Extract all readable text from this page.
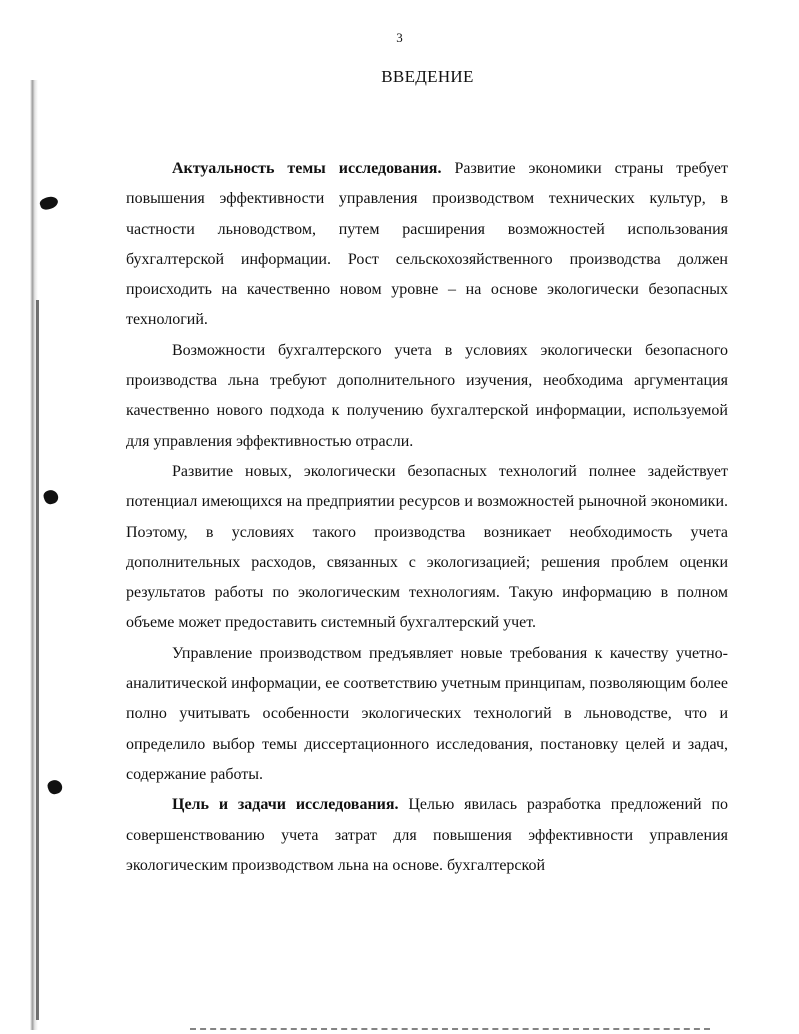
3
ВВЕДЕНИЕ

Актуальность темы исследования. Развитие экономики страны требует повышения эффективности управления производством технических культур, в частности льноводством, путем расширения возможностей использования бухгалтерской информации. Рост сельскохозяйственного производства должен происходить на качественно новом уровне – на основе экологически безопасных технологий.

Возможности бухгалтерского учета в условиях экологически безопасного производства льна требуют дополнительного изучения, необходима аргументация качественно нового подхода к получению бухгалтерской информации, используемой для управления эффективностью отрасли.

Развитие новых, экологически безопасных технологий полнее задействует потенциал имеющихся на предприятии ресурсов и возможностей рыночной экономики. Поэтому, в условиях такого производства возникает необходимость учета дополнительных расходов, связанных с экологизацией; решения проблем оценки результатов работы по экологическим технологиям. Такую информацию в полном объеме может предоставить системный бухгалтерский учет.

Управление производством предъявляет новые требования к качеству учетно-аналитической информации, ее соответствию учетным принципам, позволяющим более полно учитывать особенности экологических технологий в льноводстве, что и определило выбор темы диссертационного исследования, постановку целей и задач, содержание работы.

Цель и задачи исследования. Целью явилась разработка предложений по совершенствованию учета затрат для повышения эффективности управления экологическим производством льна на основе. бухгалтерской
